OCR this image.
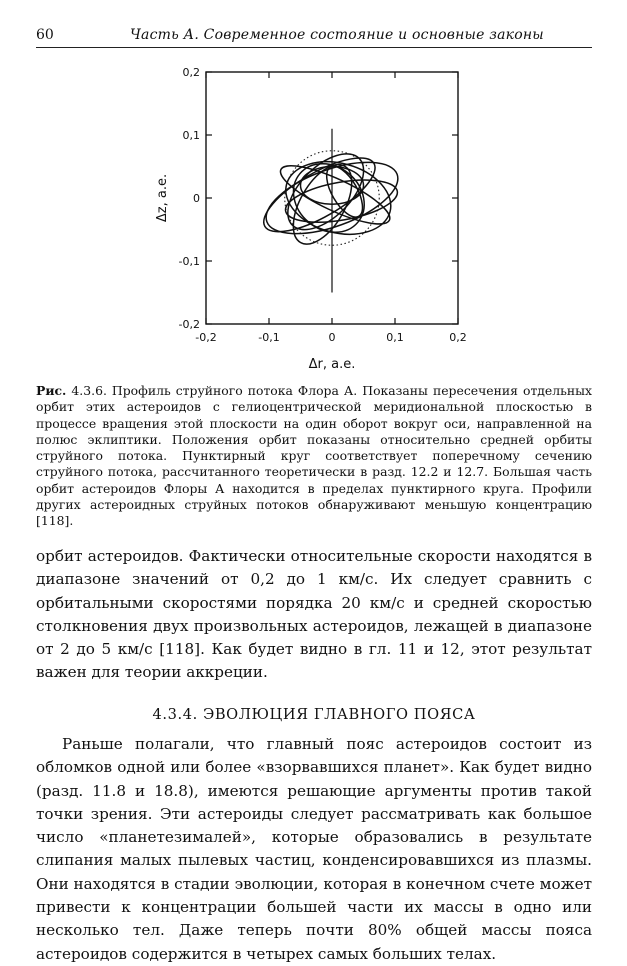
60	Часть А. Современное состояние и основные законы
-0,2	-0,1	0	0,1	0,2
0,2
0,1
0
-0,1
-0,2
Δr, а.е.
Δz, а.е.
Рис. 4.3.6. Профиль струйного потока Флора А. Показаны пересечения отдельных орбит этих астероидов с гелиоцентрической меридиональной плоскостью в процессе вращения этой плоскости на один оборот вокруг оси, направленной на полюс эклиптики. Положения орбит показаны относительно средней орбиты струйного потока. Пунктирный круг соответствует поперечному сечению струйного потока, рассчитанного теоретически в разд. 12.2 и 12.7. Большая часть орбит астероидов Флоры А находится в пределах пунктирного круга. Профили других астероидных струйных потоков обнаруживают меньшую концентрацию [118].

орбит астероидов. Фактически относительные скорости находятся в диапазоне значений от 0,2 до 1 км/с. Их следует сравнить с орбитальными скоростями порядка 20 км/с и средней скоростью столкновения двух произвольных астероидов, лежащей в диапазоне от 2 до 5 км/с [118]. Как будет видно в гл. 11 и 12, этот результат важен для теории аккреции.

4.3.4. ЭВОЛЮЦИЯ ГЛАВНОГО ПОЯСА

Раньше полагали, что главный пояс астероидов состоит из обломков одной или более «взорвавшихся планет». Как будет видно (разд. 11.8 и 18.8), имеются решающие аргументы против такой точки зрения. Эти астероиды следует рассматривать как большое число «планетезималей», которые образовались в результате слипания малых пылевых частиц, конденсировавшихся из плазмы. Они находятся в стадии эволюции, которая в конечном счете может привести к концентрации большей части их массы в одно или несколько тел. Даже теперь почти 80% общей массы пояса астероидов содержится в четырех самых больших телах.
